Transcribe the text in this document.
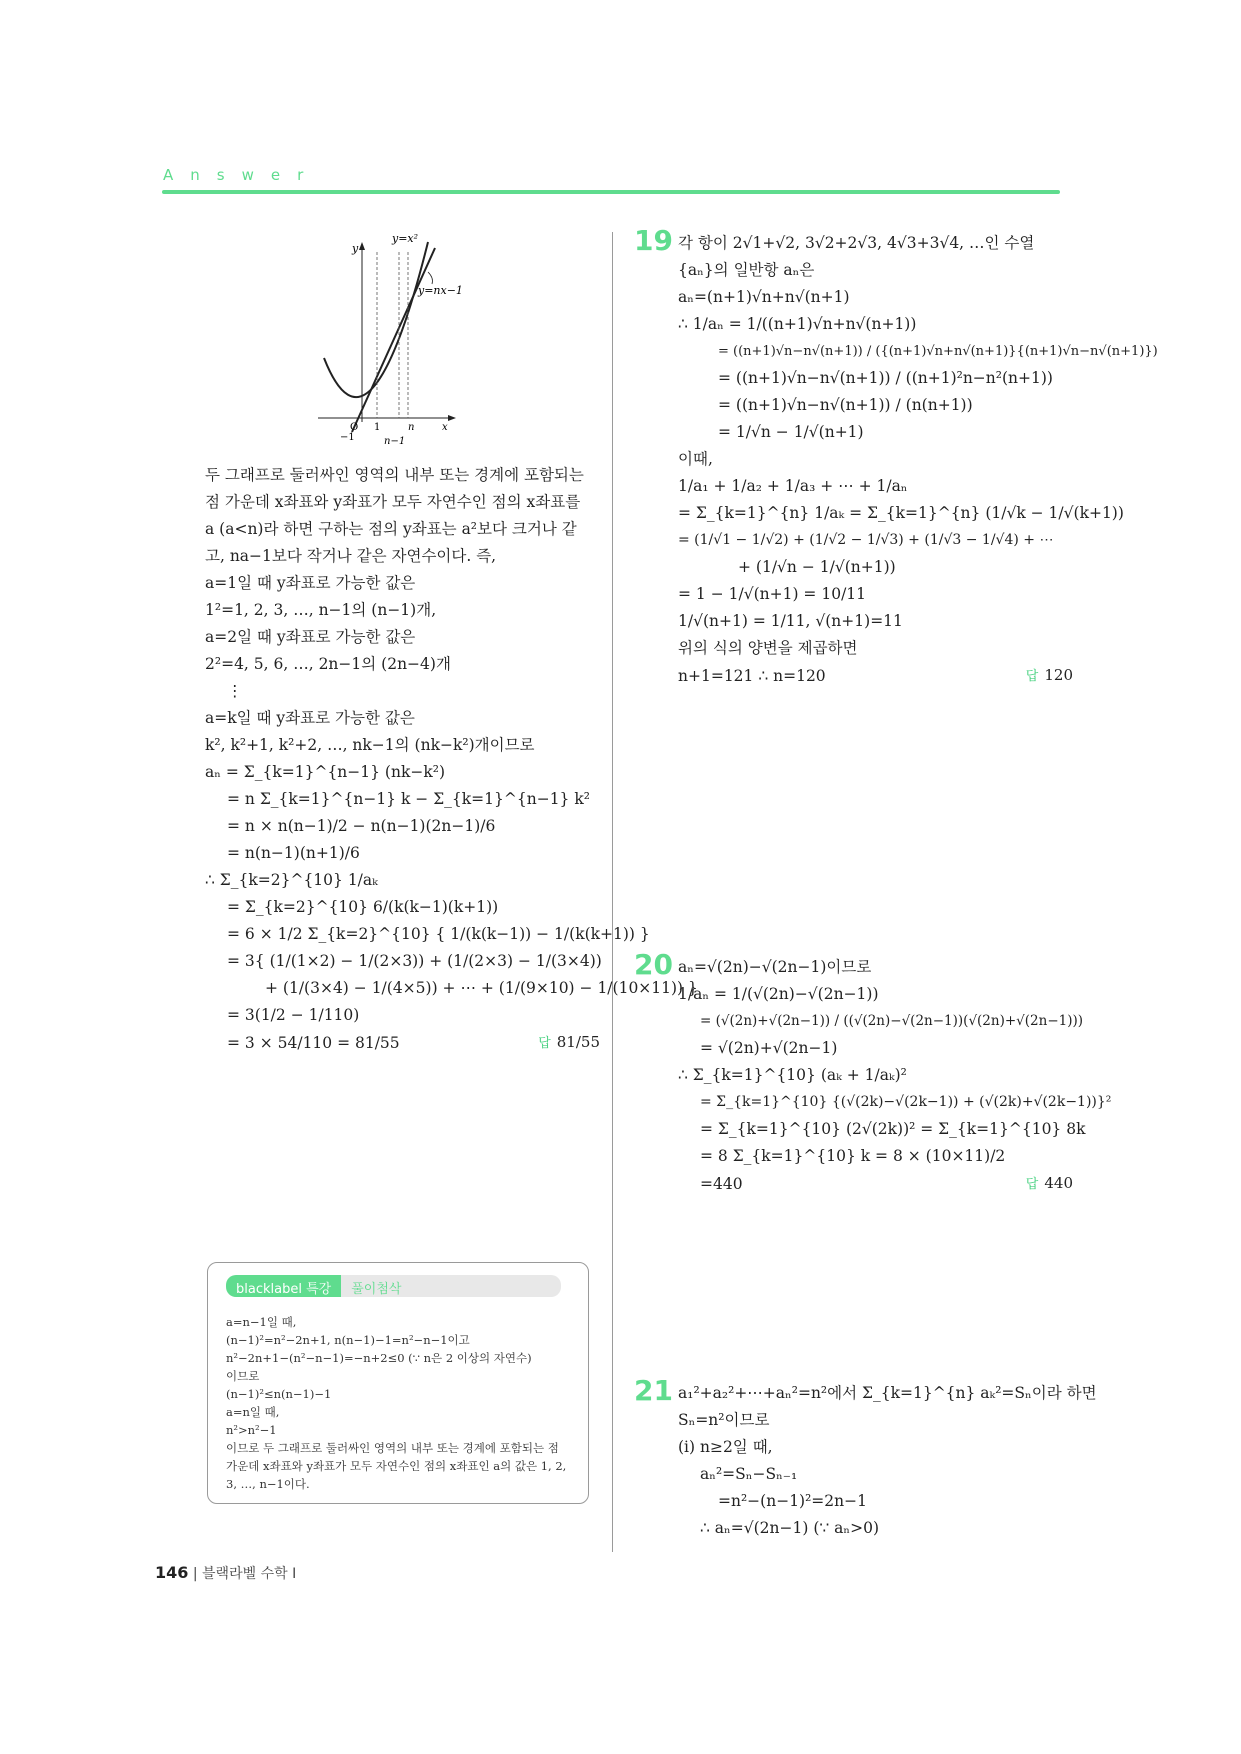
Answer
y
y=x²
y=nx−1
O
−1
1	n
n−1
x
두 그래프로 둘러싸인 영역의 내부 또는 경계에 포함되는
점 가운데 x좌표와 y좌표가 모두 자연수인 점의 x좌표를
a (a<n)라 하면 구하는 점의 y좌표는 a²보다 크거나 같
고, na−1보다 작거나 같은 자연수이다. 즉,
a=1일 때 y좌표로 가능한 값은
1²=1, 2, 3, …, n−1의 (n−1)개,
a=2일 때 y좌표로 가능한 값은
2²=4, 5, 6, …, 2n−1의 (2n−4)개
⋮
a=k일 때 y좌표로 가능한 값은
k², k²+1, k²+2, …, nk−1의 (nk−k²)개이므로
aₙ = Σ_{k=1}^{n−1} (nk−k²)
= n Σ_{k=1}^{n−1} k − Σ_{k=1}^{n−1} k²
= n × n(n−1)/2 − n(n−1)(2n−1)/6
= n(n−1)(n+1)/6
∴ Σ_{k=2}^{10} 1/aₖ
= Σ_{k=2}^{10} 6/(k(k−1)(k+1))
= 6 × 1/2 Σ_{k=2}^{10} { 1/(k(k−1)) − 1/(k(k+1)) }
= 3{ (1/(1×2) − 1/(2×3)) + (1/(2×3) − 1/(3×4))
+ (1/(3×4) − 1/(4×5)) + ⋯ + (1/(9×10) − 1/(10×11)) }
= 3(1/2 − 1/110)
= 3 × 54/110 = 81/55	답 81/55
blacklabel 특강	풀이첨삭
a=n−1일 때,
(n−1)²=n²−2n+1, n(n−1)−1=n²−n−1이고
n²−2n+1−(n²−n−1)=−n+2≤0 (∵ n은 2 이상의 자연수)
이므로
(n−1)²≤n(n−1)−1
a=n일 때,
n²>n²−1
이므로 두 그래프로 둘러싸인 영역의 내부 또는 경계에 포함되는 점
가운데 x좌표와 y좌표가 모두 자연수인 점의 x좌표인 a의 값은 1, 2,
3, …, n−1이다.
19 각 항이 2√1+√2, 3√2+2√3, 4√3+3√4, …인 수열
{aₙ}의 일반항 aₙ은
aₙ=(n+1)√n+n√(n+1)
∴ 1/aₙ = 1/((n+1)√n+n√(n+1))
= ((n+1)√n−n√(n+1)) / ({(n+1)√n+n√(n+1)}{(n+1)√n−n√(n+1)})
= ((n+1)√n−n√(n+1)) / ((n+1)²n−n²(n+1))
= ((n+1)√n−n√(n+1)) / (n(n+1))
= 1/√n − 1/√(n+1)
이때,
1/a₁ + 1/a₂ + 1/a₃ + ⋯ + 1/aₙ
= Σ_{k=1}^{n} 1/aₖ = Σ_{k=1}^{n} (1/√k − 1/√(k+1))
= (1/√1 − 1/√2) + (1/√2 − 1/√3) + (1/√3 − 1/√4) + ⋯
+ (1/√n − 1/√(n+1))
= 1 − 1/√(n+1) = 10/11
1/√(n+1) = 1/11, √(n+1)=11
위의 식의 양변을 제곱하면
n+1=121 ∴ n=120	답 120
20 aₙ=√(2n)−√(2n−1)이므로
1/aₙ = 1/(√(2n)−√(2n−1))
= (√(2n)+√(2n−1)) / ((√(2n)−√(2n−1))(√(2n)+√(2n−1)))
= √(2n)+√(2n−1)
∴ Σ_{k=1}^{10} (aₖ + 1/aₖ)²
= Σ_{k=1}^{10} {(√(2k)−√(2k−1)) + (√(2k)+√(2k−1))}²
= Σ_{k=1}^{10} (2√(2k))² = Σ_{k=1}^{10} 8k
= 8 Σ_{k=1}^{10} k = 8 × (10×11)/2
=440	답 440
21 a₁²+a₂²+⋯+aₙ²=n²에서 Σ_{k=1}^{n} aₖ²=Sₙ이라 하면
Sₙ=n²이므로
(i) n≥2일 때,
aₙ²=Sₙ−Sₙ₋₁
=n²−(n−1)²=2n−1
∴ aₙ=√(2n−1) (∵ aₙ>0)
146 | 블랙라벨 수학 Ⅰ
